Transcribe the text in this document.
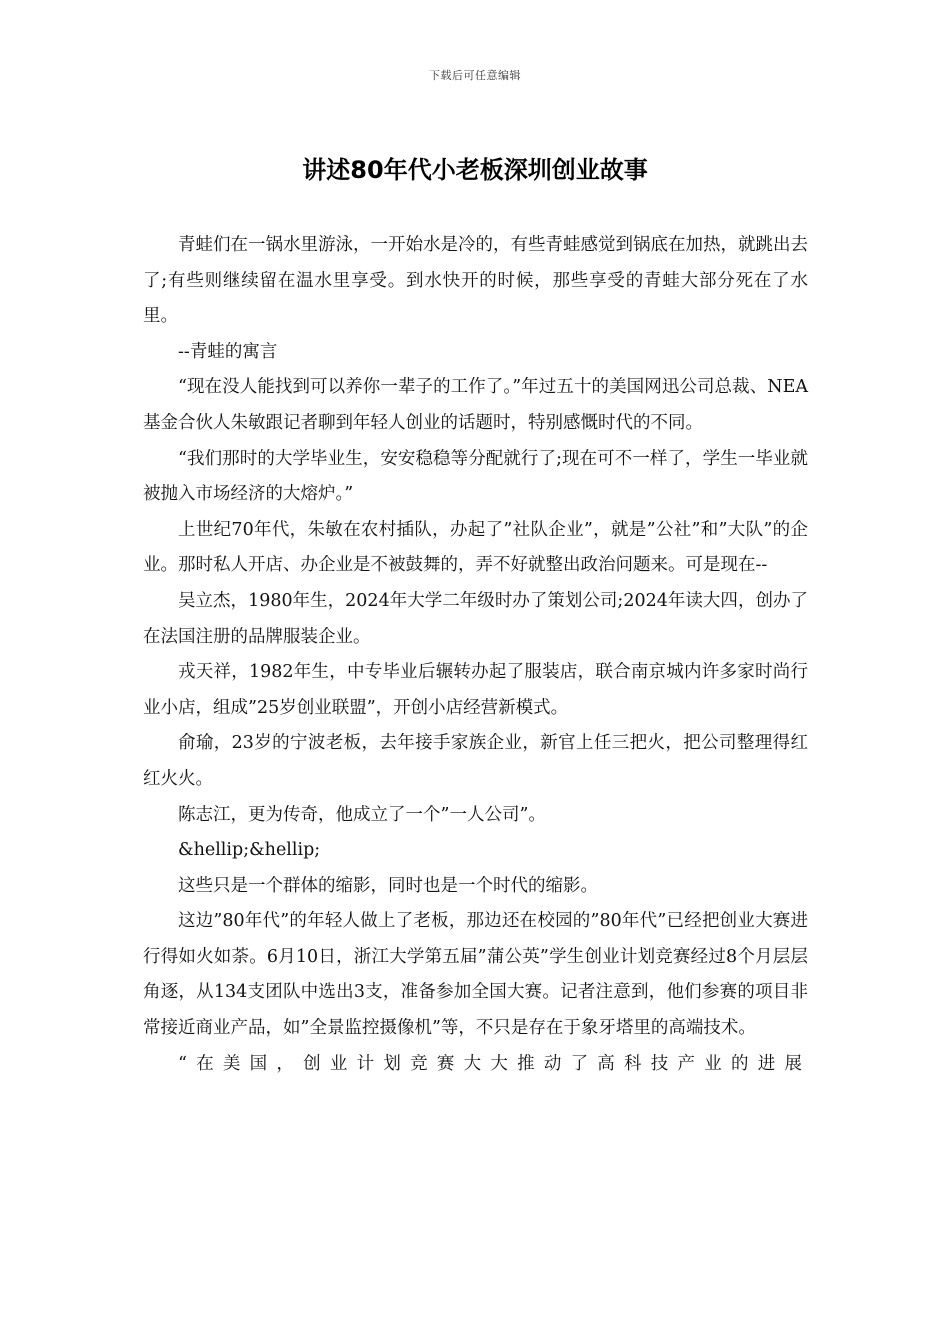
下载后可任意编辑
讲述80年代小老板深圳创业故事

青蛙们在一锅水里游泳，一开始水是冷的，有些青蛙感觉到锅底在加热，就跳出去了;有些则继续留在温水里享受。到水快开的时候，那些享受的青蛙大部分死在了水里。

--青蛙的寓言

“现在没人能找到可以养你一辈子的工作了。”年过五十的美国网迅公司总裁、NEA基金合伙人朱敏跟记者聊到年轻人创业的话题时，特别感慨时代的不同。

“我们那时的大学毕业生，安安稳稳等分配就行了;现在可不一样了，学生一毕业就被抛入市场经济的大熔炉。”

上世纪70年代，朱敏在农村插队，办起了”社队企业”，就是”公社”和”大队”的企业。那时私人开店、办企业是不被鼓舞的，弄不好就整出政治问题来。可是现在--

吴立杰，1980年生，2024年大学二年级时办了策划公司;2024年读大四，创办了在法国注册的品牌服装企业。

戎天祥，1982年生，中专毕业后辗转办起了服装店，联合南京城内许多家时尚行业小店，组成”25岁创业联盟”，开创小店经营新模式。

俞瑜，23岁的宁波老板，去年接手家族企业，新官上任三把火，把公司整理得红红火火。

陈志江，更为传奇，他成立了一个”一人公司”。

&hellip;&hellip;

这些只是一个群体的缩影，同时也是一个时代的缩影。

这边”80年代”的年轻人做上了老板，那边还在校园的”80年代”已经把创业大赛进行得如火如荼。6月10日，浙江大学第五届”蒲公英”学生创业计划竞赛经过8个月层层角逐，从134支团队中选出3支，准备参加全国大赛。记者注意到，他们参赛的项目非常接近商业产品，如”全景监控摄像机”等，不只是存在于象牙塔里的高端技术。

“在美国，创业计划竞赛大大推动了高科技产业的进展
